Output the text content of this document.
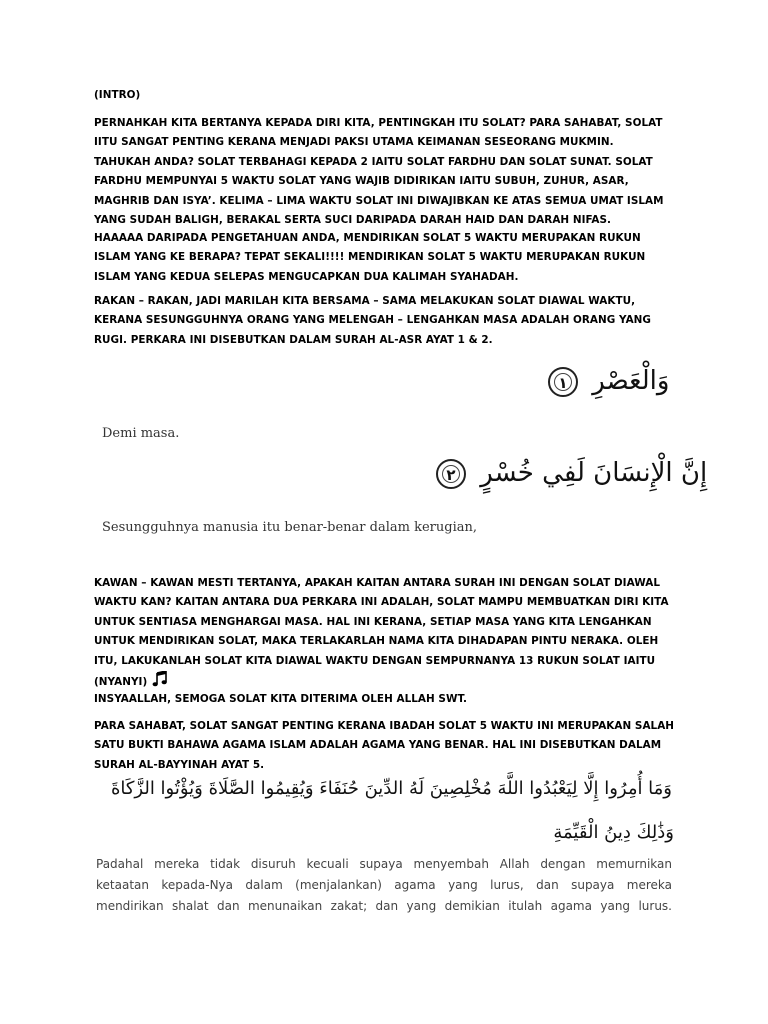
(INTRO)

PERNAHKAH KITA BERTANYA KEPADA DIRI KITA, PENTINGKAH ITU SOLAT? PARA SAHABAT, SOLAT
IITU SANGAT PENTING KERANA MENJADI PAKSI UTAMA KEIMANAN SESEORANG MUKMIN.
TAHUKAH ANDA? SOLAT TERBAHAGI KEPADA 2 IAITU SOLAT FARDHU DAN SOLAT SUNAT. SOLAT
FARDHU MEMPUNYAI 5 WAKTU SOLAT YANG WAJIB DIDIRIKAN IAITU SUBUH, ZUHUR, ASAR,
MAGHRIB DAN ISYA’. KELIMA – LIMA WAKTU SOLAT INI DIWAJIBKAN KE ATAS SEMUA UMAT ISLAM
YANG SUDAH BALIGH, BERAKAL SERTA SUCI DARIPADA DARAH HAID DAN DARAH NIFAS.

HAAAAA DARIPADA PENGETAHUAN ANDA, MENDIRIKAN SOLAT 5 WAKTU MERUPAKAN RUKUN
ISLAM YANG KE BERAPA? TEPAT SEKALI!!!! MENDIRIKAN SOLAT 5 WAKTU MERUPAKAN RUKUN
ISLAM YANG KEDUA SELEPAS MENGUCAPKAN DUA KALIMAH SYAHADAH.

RAKAN – RAKAN, JADI MARILAH KITA BERSAMA – SAMA MELAKUKAN SOLAT DIAWAL WAKTU,
KERANA SESUNGGUHNYA ORANG YANG MELENGAH – LENGAHKAN MASA ADALAH ORANG YANG
RUGI. PERKARA INI DISEBUTKAN DALAM SURAH AL-ASR AYAT 1 & 2.

وَالْعَصْرِ ١
Demi masa.
إِنَّ الْإِنسَانَ لَفِي خُسْرٍ ٢
Sesungguhnya manusia itu benar-benar dalam kerugian,

KAWAN – KAWAN MESTI TERTANYA, APAKAH KAITAN ANTARA SURAH INI DENGAN SOLAT DIAWAL
WAKTU KAN? KAITAN ANTARA DUA PERKARA INI ADALAH, SOLAT MAMPU MEMBUATKAN DIRI KITA
UNTUK SENTIASA MENGHARGAI MASA. HAL INI KERANA, SETIAP MASA YANG KITA LENGAHKAN
UNTUK MENDIRIKAN SOLAT, MAKA TERLAKARLAH NAMA KITA DIHADAPAN PINTU NERAKA. OLEH
ITU, LAKUKANLAH SOLAT KITA DIAWAL WAKTU DENGAN SEMPURNANYA 13 RUKUN SOLAT IAITU
(NYANYI)

INSYAALLAH, SEMOGA SOLAT KITA DITERIMA OLEH ALLAH SWT.

PARA SAHABAT, SOLAT SANGAT PENTING KERANA IBADAH SOLAT 5 WAKTU INI MERUPAKAN SALAH
SATU BUKTI BAHAWA AGAMA ISLAM ADALAH AGAMA YANG BENAR. HAL INI DISEBUTKAN DALAM
SURAH AL-BAYYINAH AYAT 5.

وَمَا أُمِرُوا إِلَّا لِيَعْبُدُوا اللَّهَ مُخْلِصِينَ لَهُ الدِّينَ حُنَفَاءَ وَيُقِيمُوا الصَّلَاةَ وَيُؤْتُوا الزَّكَاةَ
وَذَٰلِكَ دِينُ الْقَيِّمَةِ
Padahal mereka tidak disuruh kecuali supaya menyembah Allah dengan memurnikan
ketaatan kepada-Nya dalam (menjalankan) agama yang lurus, dan supaya mereka
mendirikan shalat dan menunaikan zakat; dan yang demikian itulah agama yang lurus.
